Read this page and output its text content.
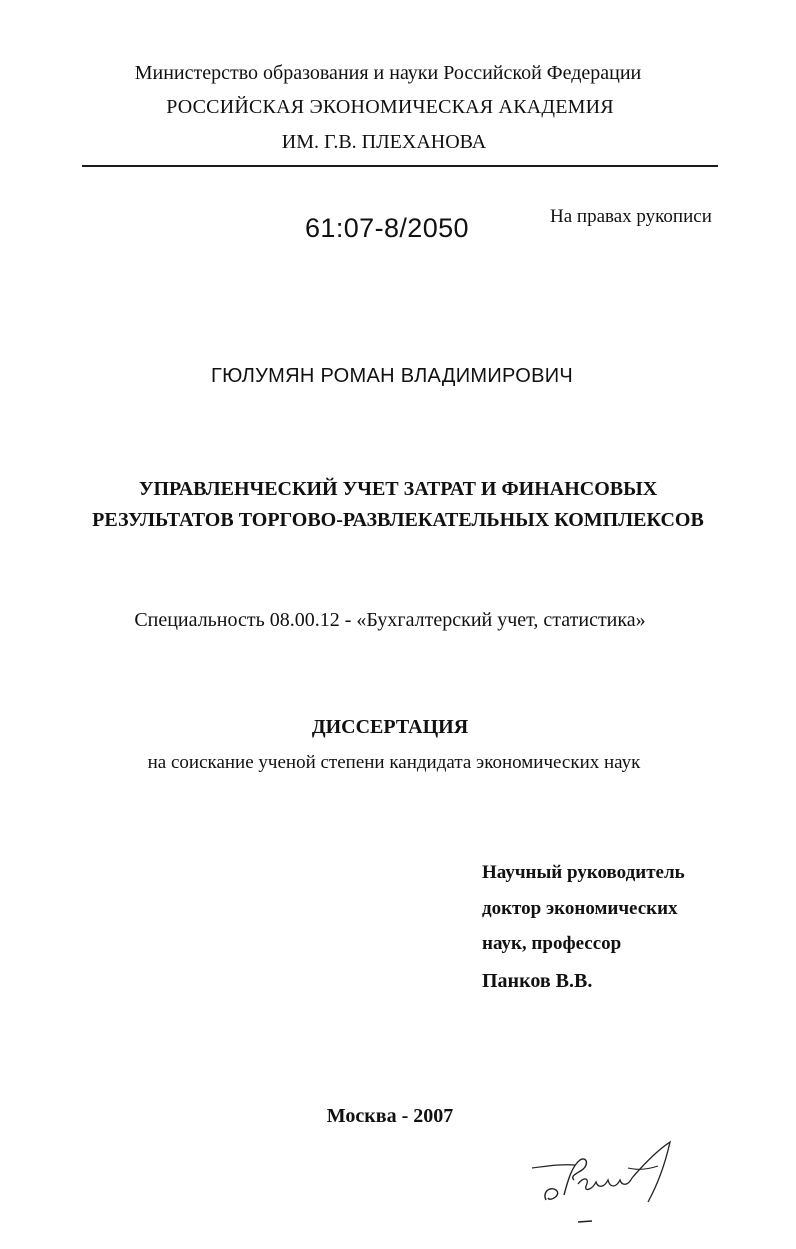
Министерство образования и науки Российской Федерации
РОССИЙСКАЯ ЭКОНОМИЧЕСКАЯ АКАДЕМИЯ
ИМ. Г.В. ПЛЕХАНОВА
61:07-8/2050	На правах рукописи
ГЮЛУМЯН РОМАН ВЛАДИМИРОВИЧ
УПРАВЛЕНЧЕСКИЙ УЧЕТ ЗАТРАТ И ФИНАНСОВЫХ
РЕЗУЛЬТАТОВ ТОРГОВО-РАЗВЛЕКАТЕЛЬНЫХ КОМПЛЕКСОВ
Специальность 08.00.12 - «Бухгалтерский учет, статистика»
ДИССЕРТАЦИЯ
на соискание ученой степени кандидата экономических наук
Научный руководитель
доктор экономических
наук, профессор
Панков В.В.
Москва - 2007
